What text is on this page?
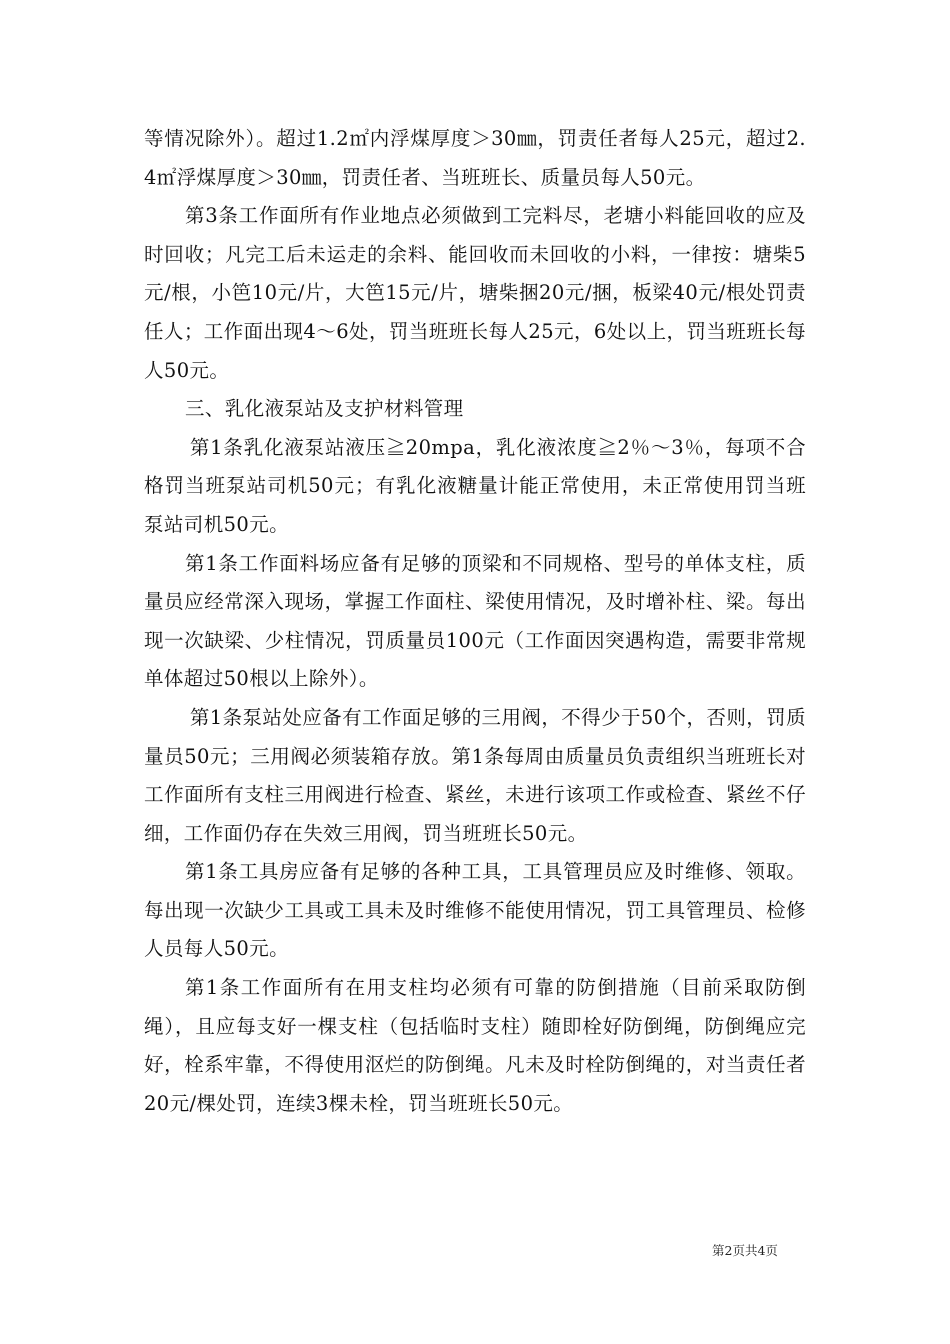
等情况除外）。超过1.2㎡内浮煤厚度＞30㎜，罚责任者每人25元，超过2.4㎡浮煤厚度＞30㎜，罚责任者、当班班长、质量员每人50元。

第3条工作面所有作业地点必须做到工完料尽，老塘小料能回收的应及时回收；凡完工后未运走的余料、能回收而未回收的小料，一律按：塘柴5元/根，小笆10元/片，大笆15元/片，塘柴捆20元/捆，板梁40元/根处罚责任人；工作面出现4～6处，罚当班班长每人25元，6处以上，罚当班班长每人50元。

三、乳化液泵站及支护材料管理

第1条乳化液泵站液压≧20mpa，乳化液浓度≧2％～3％，每项不合格罚当班泵站司机50元；有乳化液糖量计能正常使用，未正常使用罚当班泵站司机50元。

第1条工作面料场应备有足够的顶梁和不同规格、型号的单体支柱，质量员应经常深入现场，掌握工作面柱、梁使用情况，及时增补柱、梁。每出现一次缺梁、少柱情况，罚质量员100元（工作面因突遇构造，需要非常规单体超过50根以上除外）。

第1条泵站处应备有工作面足够的三用阀，不得少于50个，否则，罚质量员50元；三用阀必须装箱存放。第1条每周由质量员负责组织当班班长对工作面所有支柱三用阀进行检查、紧丝，未进行该项工作或检查、紧丝不仔细，工作面仍存在失效三用阀，罚当班班长50元。

第1条工具房应备有足够的各种工具，工具管理员应及时维修、领取。每出现一次缺少工具或工具未及时维修不能使用情况，罚工具管理员、检修人员每人50元。

第1条工作面所有在用支柱均必须有可靠的防倒措施（目前采取防倒绳），且应每支好一棵支柱（包括临时支柱）随即栓好防倒绳，防倒绳应完好，栓系牢靠，不得使用沤烂的防倒绳。凡未及时栓防倒绳的，对当责任者20元/棵处罚，连续3棵未栓，罚当班班长50元。

第2页共4页
